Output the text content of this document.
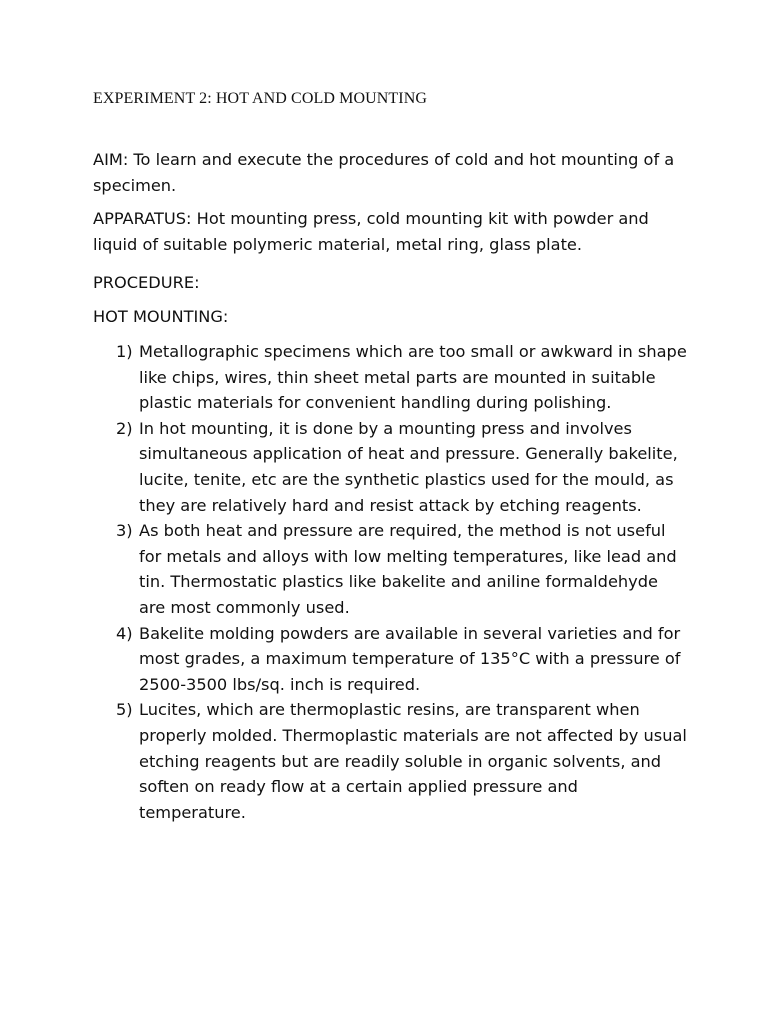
EXPERIMENT 2: HOT AND COLD MOUNTING

AIM: To learn and execute the procedures of cold and hot mounting of a specimen.

APPARATUS: Hot mounting press, cold mounting kit with powder and liquid of suitable polymeric material, metal ring, glass plate.

PROCEDURE:

HOT MOUNTING:

1) Metallographic specimens which are too small or awkward in shape like chips, wires, thin sheet metal parts are mounted in suitable plastic materials for convenient handling during polishing.
2) In hot mounting, it is done by a mounting press and involves simultaneous application of heat and pressure. Generally bakelite, lucite, tenite, etc are the synthetic plastics used for the mould, as they are relatively hard and resist attack by etching reagents.
3) As both heat and pressure are required, the method is not useful for metals and alloys with low melting temperatures, like lead and tin. Thermostatic plastics like bakelite and aniline formaldehyde are most commonly used.
4) Bakelite molding powders are available in several varieties and for most grades, a maximum temperature of 135°C with a pressure of 2500-3500 lbs/sq. inch is required.
5) Lucites, which are thermoplastic resins, are transparent when properly molded. Thermoplastic materials are not affected by usual etching reagents but are readily soluble in organic solvents, and soften on ready flow at a certain applied pressure and temperature.
